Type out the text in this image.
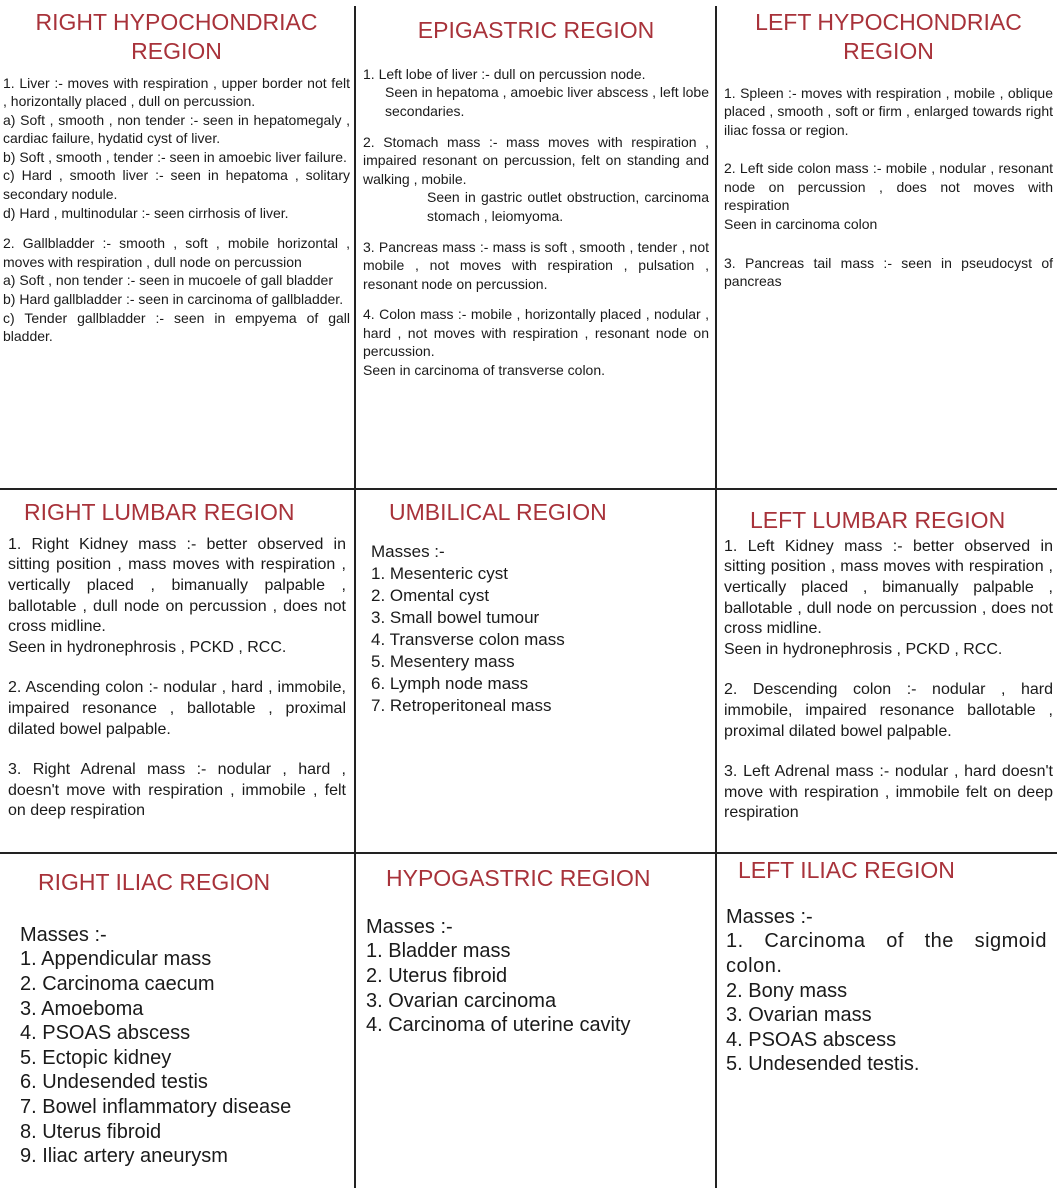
RIGHT HYPOCHONDRIAC REGION

1. Liver :- moves with respiration , upper border not felt , horizontally placed , dull on percussion.

a) Soft , smooth , non tender :- seen in hepatomegaly , cardiac failure, hydatid cyst of liver.

b) Soft , smooth , tender :- seen in amoebic liver failure.

c) Hard , smooth liver :- seen in hepatoma , solitary secondary nodule.

d) Hard , multinodular :- seen cirrhosis of liver.

2. Gallbladder :- smooth , soft , mobile horizontal , moves with respiration , dull node on percussion

a) Soft , non tender :- seen in mucoele of gall bladder

b) Hard gallbladder :- seen in carcinoma of gallbladder.

c) Tender gallbladder :- seen in empyema of gall bladder.

EPIGASTRIC REGION

1. Left lobe of liver :- dull on percussion node.

Seen in hepatoma , amoebic liver abscess , left lobe secondaries.

2. Stomach mass :- mass moves with respiration , impaired resonant on percussion, felt on standing and walking , mobile.

Seen in gastric outlet obstruction, carcinoma stomach , leiomyoma.

3. Pancreas mass :- mass is soft , smooth , tender , not mobile , not moves with respiration , pulsation , resonant node on percussion.

4. Colon mass :- mobile , horizontally placed , nodular , hard , not moves with respiration , resonant node on percussion.

Seen in carcinoma of transverse colon.

LEFT HYPOCHONDRIAC REGION

1. Spleen :- moves with respiration , mobile , oblique placed , smooth , soft or firm , enlarged towards right iliac fossa or region.

2. Left side colon mass :- mobile , nodular , resonant node on percussion , does not moves with respiration

Seen in carcinoma colon

3. Pancreas tail mass :- seen in pseudocyst of pancreas

RIGHT LUMBAR REGION

1. Right Kidney mass :- better observed in sitting position , mass moves with respiration , vertically placed , bimanually palpable , ballotable , dull node on percussion , does not cross midline.

Seen in hydronephrosis , PCKD , RCC.

2. Ascending colon :- nodular , hard , immobile, impaired resonance , ballotable , proximal dilated bowel palpable.

3. Right Adrenal mass :- nodular , hard , doesn't move with respiration , immobile , felt on deep respiration

UMBILICAL REGION

Masses :-

1. Mesenteric cyst

2. Omental cyst

3. Small bowel tumour

4. Transverse colon mass

5. Mesentery mass

6. Lymph node mass

7. Retroperitoneal mass

LEFT LUMBAR REGION

1. Left Kidney mass :- better observed in sitting position , mass moves with respiration , vertically placed , bimanually palpable , ballotable , dull node on percussion , does not cross midline.

Seen in hydronephrosis , PCKD , RCC.

2. Descending colon :- nodular , hard immobile, impaired resonance ballotable , proximal dilated bowel palpable.

3. Left Adrenal mass :- nodular , hard doesn't move with respiration , immobile felt on deep respiration

RIGHT ILIAC REGION

Masses :-

1. Appendicular mass

2. Carcinoma caecum

3. Amoeboma

4. PSOAS abscess

5. Ectopic kidney

6. Undesended testis

7. Bowel inflammatory disease

8. Uterus fibroid

9. Iliac artery aneurysm

HYPOGASTRIC REGION

Masses :-

1. Bladder mass

2. Uterus fibroid

3. Ovarian carcinoma

4. Carcinoma of uterine cavity

LEFT ILIAC REGION

Masses :-

1. Carcinoma of the sigmoid colon.

2. Bony mass

3. Ovarian mass

4. PSOAS abscess

5. Undesended testis.
